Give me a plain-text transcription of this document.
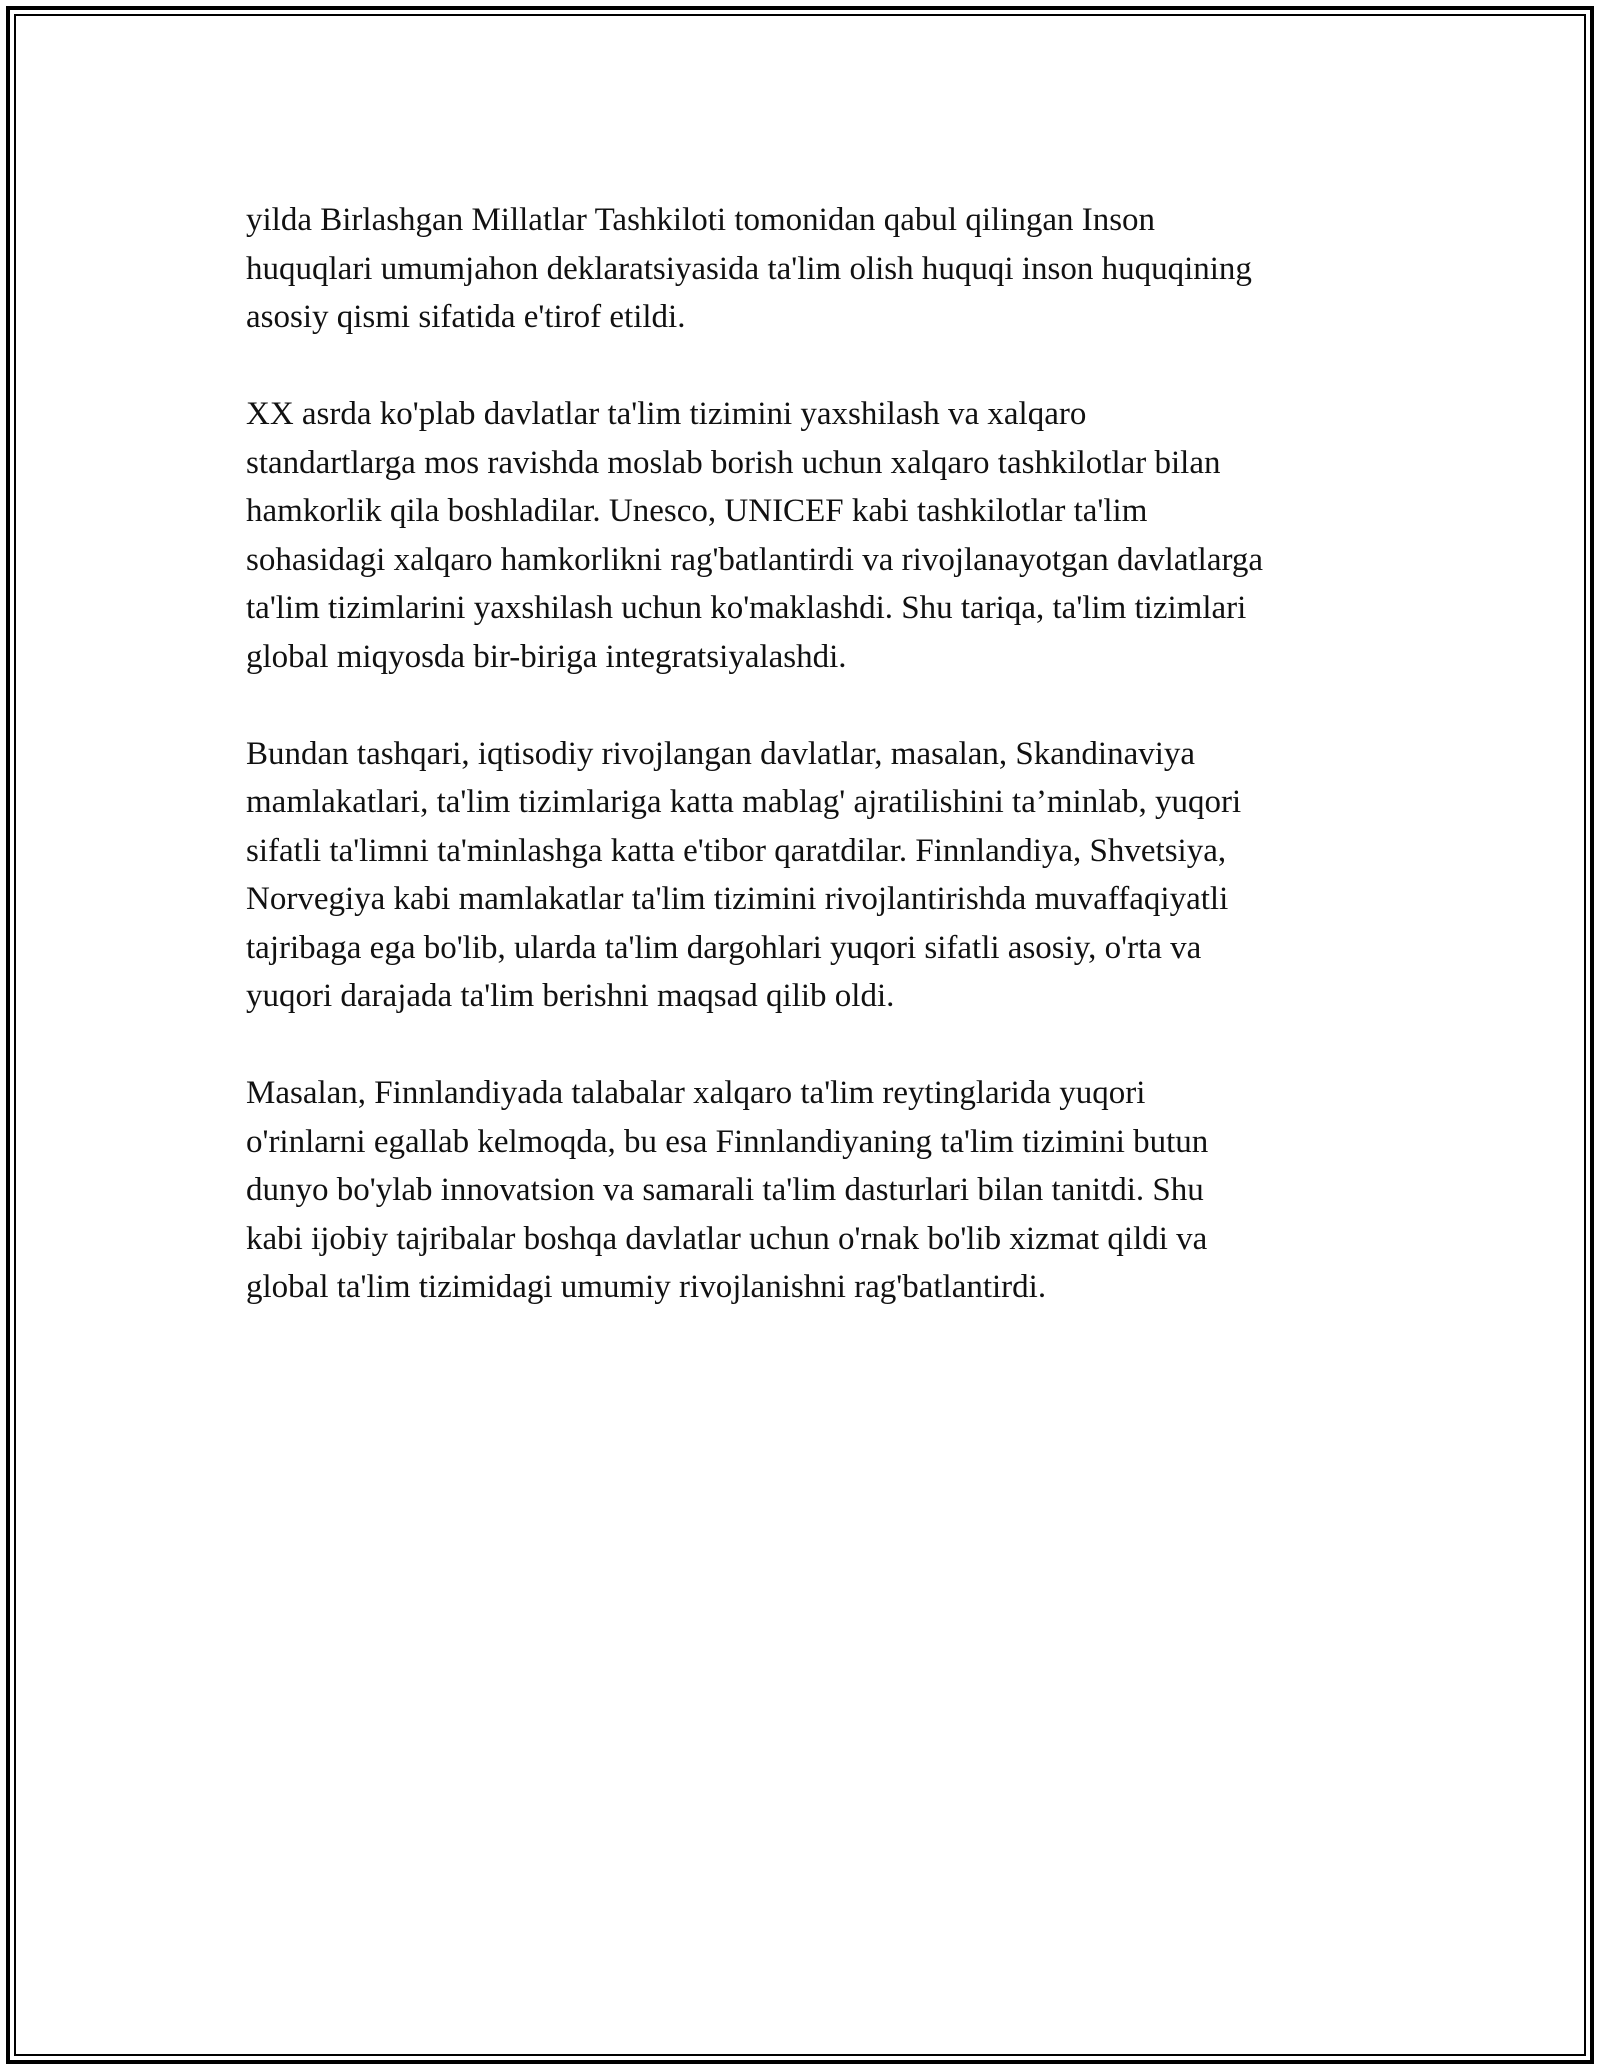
yilda Birlashgan Millatlar Tashkiloti tomonidan qabul qilingan Inson
huquqlari umumjahon deklaratsiyasida ta'lim olish huquqi inson huquqining
asosiy qismi sifatida e'tirof etildi.

XX asrda ko'plab davlatlar ta'lim tizimini yaxshilash va xalqaro
standartlarga mos ravishda moslab borish uchun xalqaro tashkilotlar bilan
hamkorlik qila boshladilar. Unesco, UNICEF kabi tashkilotlar ta'lim
sohasidagi xalqaro hamkorlikni rag'batlantirdi va rivojlanayotgan davlatlarga
ta'lim tizimlarini yaxshilash uchun ko'maklashdi. Shu tariqa, ta'lim tizimlari
global miqyosda bir-biriga integratsiyalashdi.

Bundan tashqari, iqtisodiy rivojlangan davlatlar, masalan, Skandinaviya
mamlakatlari, ta'lim tizimlariga katta mablag' ajratilishini ta’minlab, yuqori
sifatli ta'limni ta'minlashga katta e'tibor qaratdilar. Finnlandiya, Shvetsiya,
Norvegiya kabi mamlakatlar ta'lim tizimini rivojlantirishda muvaffaqiyatli
tajribaga ega bo'lib, ularda ta'lim dargohlari yuqori sifatli asosiy, o'rta va
yuqori darajada ta'lim berishni maqsad qilib oldi.

Masalan, Finnlandiyada talabalar xalqaro ta'lim reytinglarida yuqori
o'rinlarni egallab kelmoqda, bu esa Finnlandiyaning ta'lim tizimini butun
dunyo bo'ylab innovatsion va samarali ta'lim dasturlari bilan tanitdi. Shu
kabi ijobiy tajribalar boshqa davlatlar uchun o'rnak bo'lib xizmat qildi va
global ta'lim tizimidagi umumiy rivojlanishni rag'batlantirdi.
